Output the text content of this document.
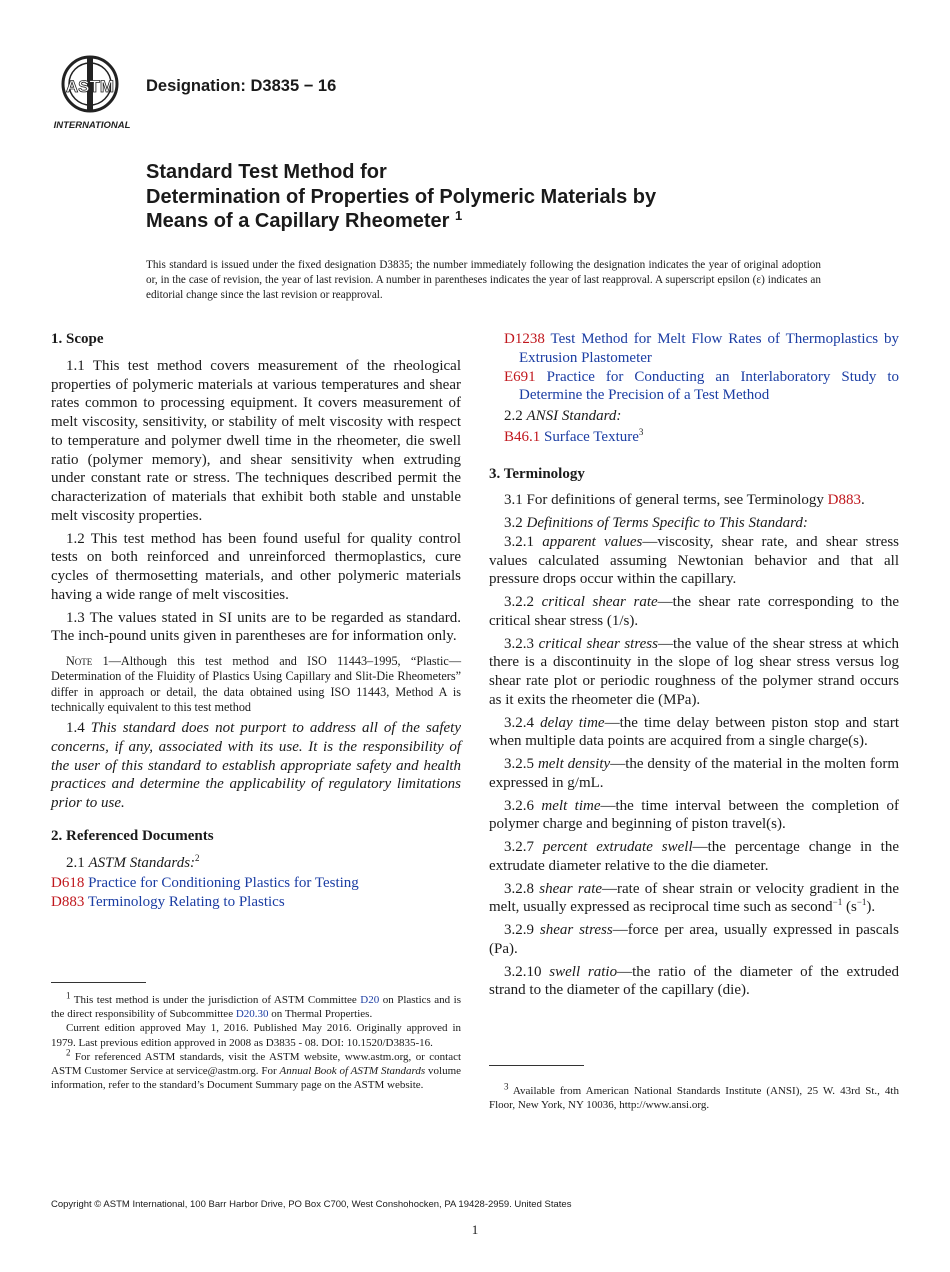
ASTM
INTERNATIONAL
Designation: D3835 − 16
Standard Test Method for
Determination of Properties of Polymeric Materials by
Means of a Capillary Rheometer $^1$
This standard is issued under the fixed designation D3835; the number immediately following the designation indicates the year of original adoption or, in the case of revision, the year of last revision. A number in parentheses indicates the year of last reapproval. A superscript epsilon (ε) indicates an editorial change since the last revision or reapproval.
1. Scope

1.1 This test method covers measurement of the rheological properties of polymeric materials at various temperatures and shear rates common to processing equipment. It covers measurement of melt viscosity, sensitivity, or stability of melt viscosity with respect to temperature and polymer dwell time in the rheometer, die swell ratio (polymer memory), and shear sensitivity when extruding under constant rate or stress. The techniques described permit the characterization of materials that exhibit both stable and unstable melt viscosity properties.

1.2 This test method has been found useful for quality control tests on both reinforced and unreinforced thermoplastics, cure cycles of thermosetting materials, and other polymeric materials having a wide range of melt viscosities.

1.3 The values stated in SI units are to be regarded as standard. The inch-pound units given in parentheses are for information only.

Note 1—Although this test method and ISO 11443–1995, “Plastic—Determination of the Fluidity of Plastics Using Capillary and Slit-Die Rheometers” differ in approach or detail, the data obtained using ISO 11443, Method A is technically equivalent to this test method

1.4 This standard does not purport to address all of the safety concerns, if any, associated with its use. It is the responsibility of the user of this standard to establish appropriate safety and health practices and determine the applicability of regulatory limitations prior to use.

2. Referenced Documents
2.1 ASTM Standards:$^2$
D618 Practice for Conditioning Plastics for Testing
D883 Terminology Relating to Plastics

$^1$ This test method is under the jurisdiction of ASTM Committee D20 on Plastics and is the direct responsibility of Subcommittee D20.30 on Thermal Properties.

Current edition approved May 1, 2016. Published May 2016. Originally approved in 1979. Last previous edition approved in 2008 as D3835 - 08. DOI: 10.1520/D3835-16.

$^2$ For referenced ASTM standards, visit the ASTM website, www.astm.org, or contact ASTM Customer Service at service@astm.org. For Annual Book of ASTM Standards volume information, refer to the standard’s Document Summary page on the ASTM website.

D1238 Test Method for Melt Flow Rates of Thermoplastics by Extrusion Plastometer
E691 Practice for Conducting an Interlaboratory Study to Determine the Precision of a Test Method
2.2 ANSI Standard:
B46.1 Surface Texture$^3$
3. Terminology

3.1 For definitions of general terms, see Terminology D883.

3.2 Definitions of Terms Specific to This Standard:

3.2.1 apparent values—viscosity, shear rate, and shear stress values calculated assuming Newtonian behavior and that all pressure drops occur within the capillary.

3.2.2 critical shear rate—the shear rate corresponding to the critical shear stress (1/s).

3.2.3 critical shear stress—the value of the shear stress at which there is a discontinuity in the slope of log shear stress versus log shear rate plot or periodic roughness of the polymer strand occurs as it exits the rheometer die (MPa).

3.2.4 delay time—the time delay between piston stop and start when multiple data points are acquired from a single charge(s).

3.2.5 melt density—the density of the material in the molten form expressed in g/mL.

3.2.6 melt time—the time interval between the completion of polymer charge and beginning of piston travel(s).

3.2.7 percent extrudate swell—the percentage change in the extrudate diameter relative to the die diameter.

3.2.8 shear rate—rate of shear strain or velocity gradient in the melt, usually expressed as reciprocal time such as second$^{-1}$ $(s^{-1})$.

3.2.9 shear stress—force per area, usually expressed in pascals (Pa).

3.2.10 swell ratio—the ratio of the diameter of the extruded strand to the diameter of the capillary (die).

$^3$ Available from American National Standards Institute (ANSI), 25 W. 43rd St., 4th Floor, New York, NY 10036, http://www.ansi.org.

Copyright © ASTM International, 100 Barr Harbor Drive, PO Box C700, West Conshohocken, PA 19428-2959. United States
1
